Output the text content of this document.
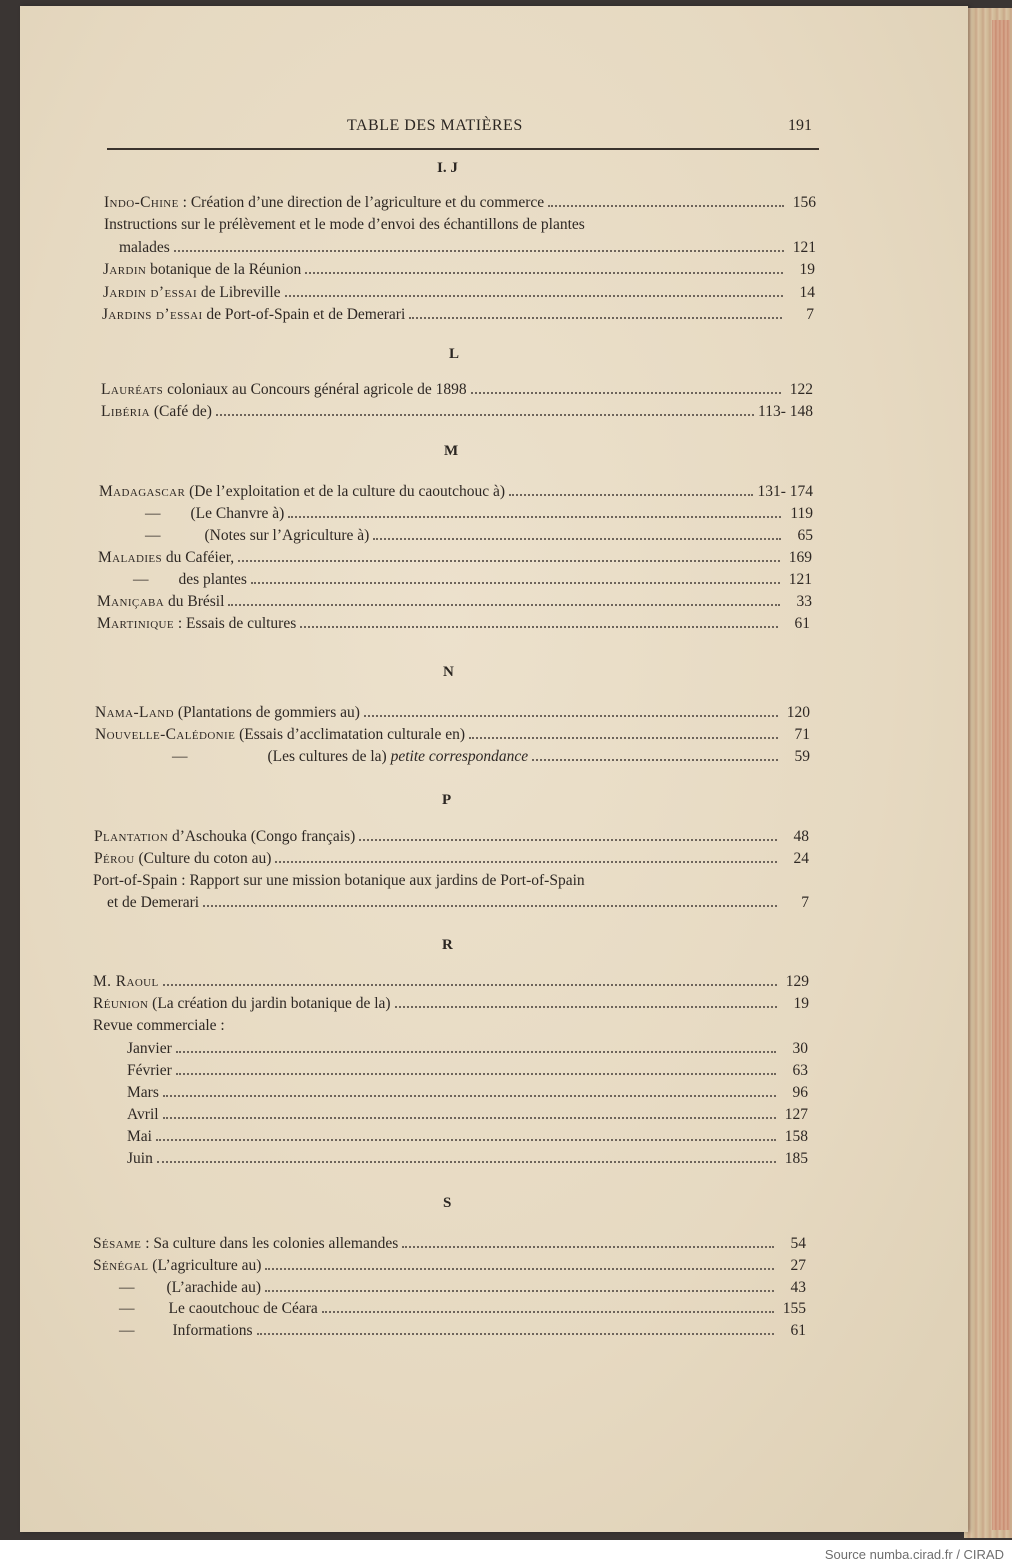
TABLE DES MATIÈRES	191
I. J
Indo-Chine : Création d’une direction de l’agriculture et du commerce	156
Instructions sur le prélèvement et le mode d’envoi des échantillons de plantes
malades	121
Jardin botanique de la Réunion	19
Jardin d’essai de Libreville	14
Jardins d’essai de Port-of-Spain et de Demerari	7
L
Lauréats coloniaux au Concours général agricole de 1898	122
Libéria (Café de)	113- 148
M
Madagascar (De l’exploitation et de la culture du caoutchouc à)	131- 174
— (Le Chanvre à)	119
—	(Notes sur l’Agriculture à)	65
Maladies du Caféier,	169
— des plantes	121
Maniçaba du Brésil	33
Martinique : Essais de cultures	61
N
Nama-Land (Plantations de gommiers au)	120
Nouvelle-Calédonie (Essais d’acclimatation culturale en)	71
—	(Les cultures de la) petite correspondance	59
P
Plantation d’Aschouka (Congo français)	48
Pérou (Culture du coton au)	24
Port-of-Spain : Rapport sur une mission botanique aux jardins de Port-of-Spain
et de Demerari	7
R
M. Raoul	129
Réunion (La création du jardin botanique de la)	19
Revue commerciale :
Janvier	30
Février	63
Mars	96
Avril	127
Mai	158
Juin	185
S
Sésame : Sa culture dans les colonies allemandes	54
Sénégal (L’agriculture au)	27
— (L’arachide au)	43
— Le caoutchouc de Céara	155
— Informations	61
Source numba.cirad.fr / CIRAD
